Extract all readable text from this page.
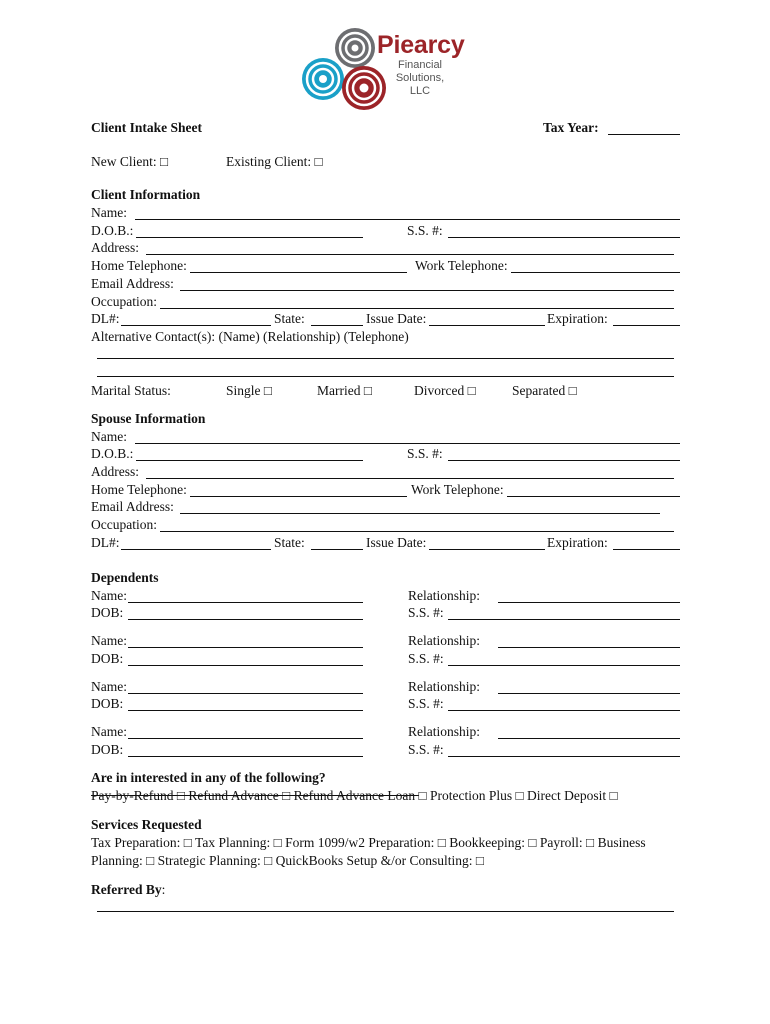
Piearcy
Financial Solutions,
LLC
Client Intake Sheet	Tax Year:
New Client: □	Existing Client: □
Client Information
Name:
D.O.B.:	S.S. #:
Address:
Home Telephone:	Work Telephone:
Email Address:
Occupation:
DL#:	State:	Issue Date:	Expiration:
Alternative Contact(s): (Name) (Relationship) (Telephone)
Marital Status:	Single □	Married □	Divorced □	Separated □
Spouse Information
Name:
D.O.B.:	S.S. #:
Address:
Home Telephone:	Work Telephone:
Email Address:
Occupation:
DL#:	State:	Issue Date:	Expiration:
Dependents
Name:	Relationship:
DOB:	S.S. #:
Name:	Relationship:
DOB:	S.S. #:
Name:	Relationship:
DOB:	S.S. #:
Name:	Relationship:
DOB:	S.S. #:
Are in interested in any of the following?
Pay-by-Refund □ Refund Advance □ Refund Advance Loan □ Protection Plus □ Direct Deposit □
Services Requested
Tax Preparation: □ Tax Planning: □ Form 1099/w2 Preparation: □ Bookkeeping: □ Payroll: □ Business
Planning: □ Strategic Planning: □ QuickBooks Setup &/or Consulting: □
Referred By:
